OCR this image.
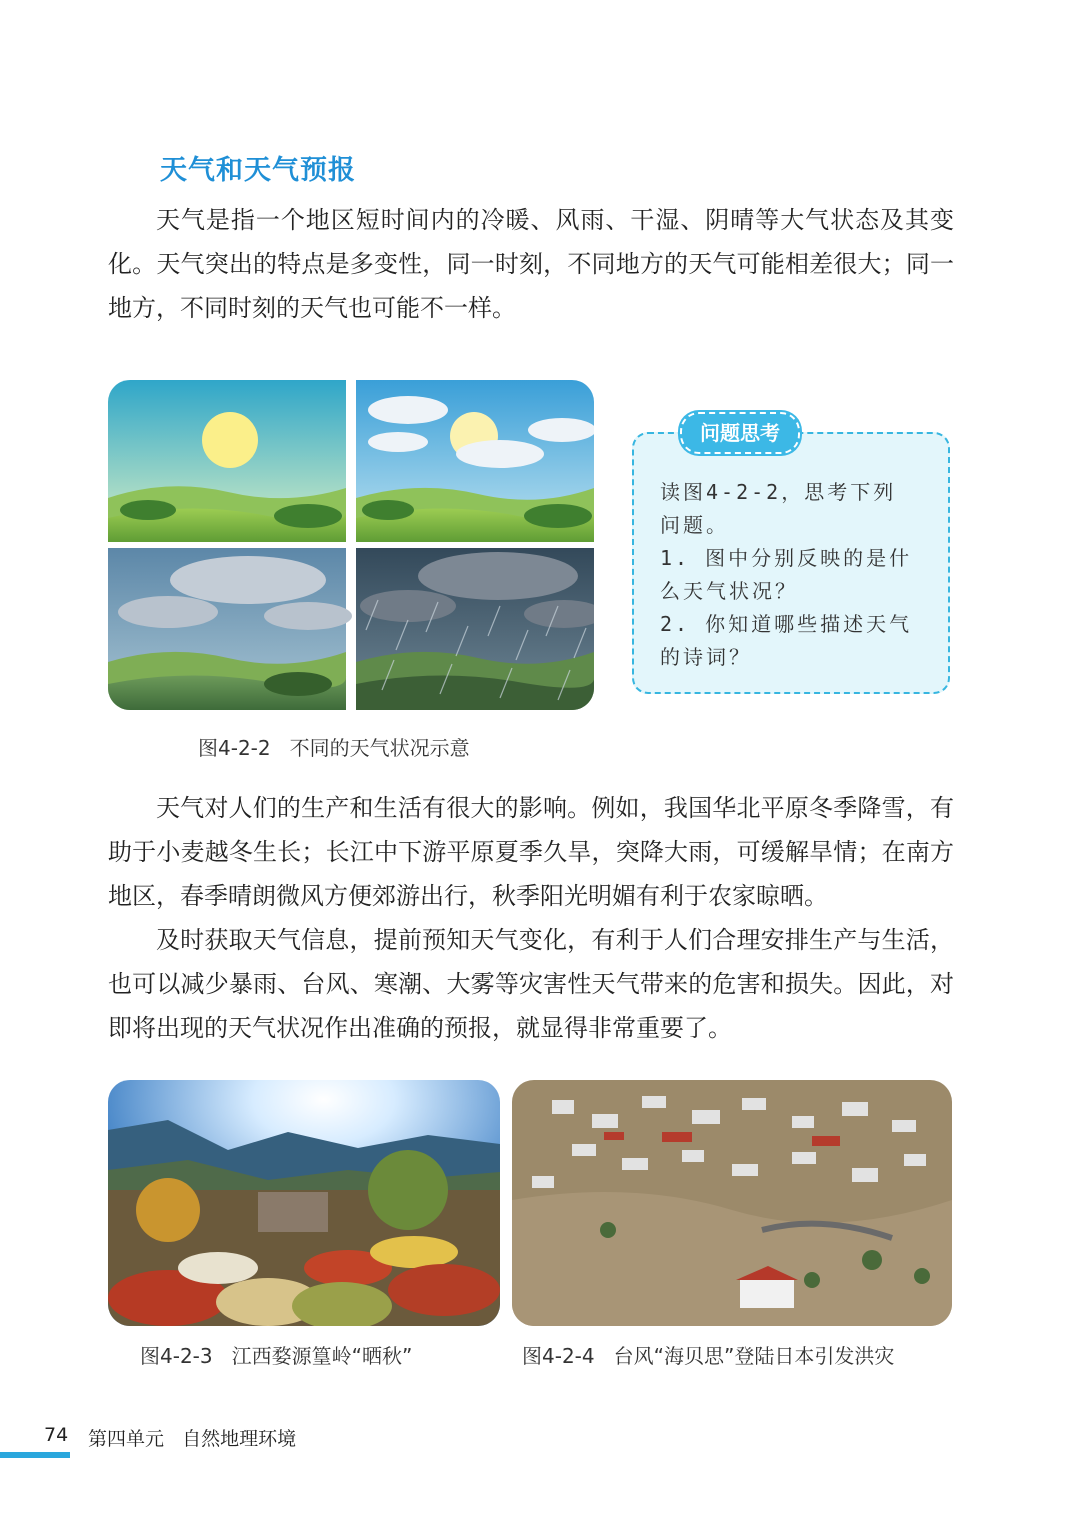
天气和天气预报

天气是指一个地区短时间内的冷暖、风雨、干湿、阴晴等大气状态及其变化。天气突出的特点是多变性，同一时刻，不同地方的天气可能相差很大；同一地方，不同时刻的天气也可能不一样。

图4-2-2   不同的天气状况示意
问题思考
读图4-2-2，思考下列
问题。
1. 图中分别反映的是什
么天气状况？
2. 你知道哪些描述天气
的诗词？

天气对人们的生产和生活有很大的影响。例如，我国华北平原冬季降雪，有助于小麦越冬生长；长江中下游平原夏季久旱，突降大雨，可缓解旱情；在南方地区，春季晴朗微风方便郊游出行，秋季阳光明媚有利于农家晾晒。

及时获取天气信息，提前预知天气变化，有利于人们合理安排生产与生活，也可以减少暴雨、台风、寒潮、大雾等灾害性天气带来的危害和损失。因此，对即将出现的天气状况作出准确的预报，就显得非常重要了。

图4-2-3   江西婺源篁岭“晒秋”	图4-2-4   台风“海贝思”登陆日本引发洪灾
74 第四单元   自然地理环境
